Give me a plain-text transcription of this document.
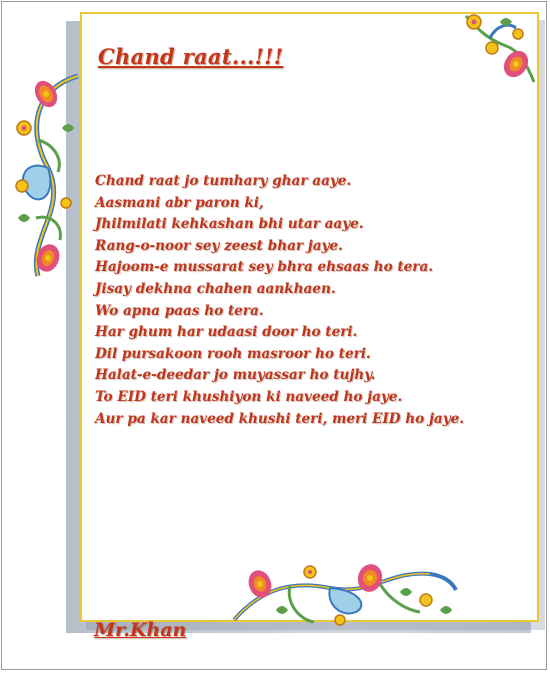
Chand raat...!!!
Chand raat jo tumhary ghar aaye.
Aasmani abr paron ki,
Jhilmilati kehkashan bhi utar aaye.
Rang-o-noor sey zeest bhar jaye.
Hajoom-e mussarat sey bhra ehsaas ho tera.
Jisay dekhna chahen aankhaen.
Wo apna paas ho tera.
Har ghum har udaasi door ho teri.
Dil pursakoon rooh masroor ho teri.
Halat-e-deedar jo muyassar ho tujhy.
To EID teri khushiyon ki naveed ho jaye.
Aur pa kar naveed khushi teri, meri EID ho jaye.
Mr.Khan
